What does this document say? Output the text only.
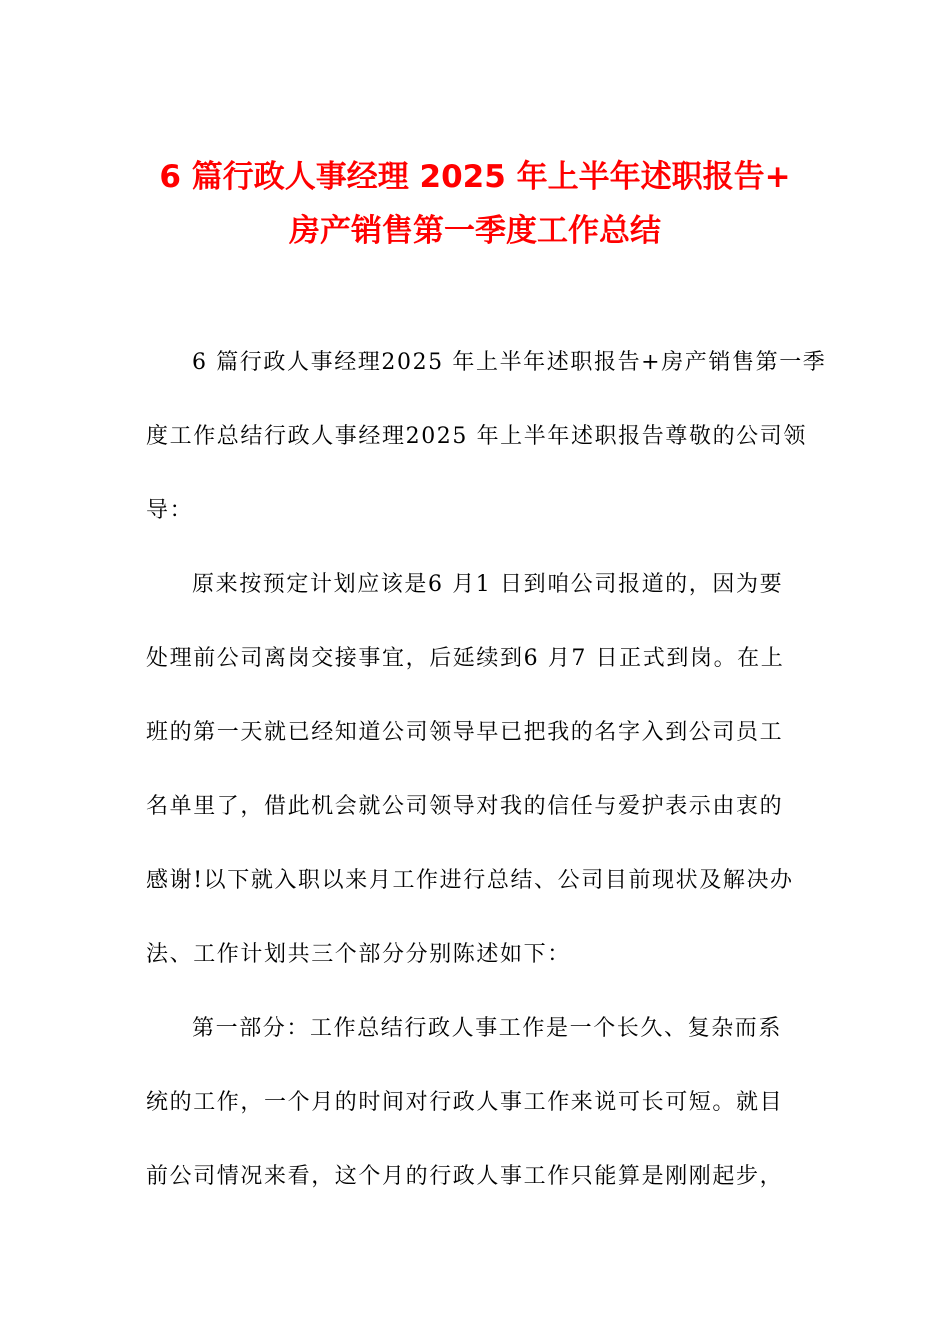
6 篇行政人事经理 2025 年上半年述职报告+
房产销售第一季度工作总结
6 篇行政人事经理2025 年上半年述职报告+房产销售第一季
度工作总结行政人事经理2025 年上半年述职报告尊敬的公司领
导：
原来按预定计划应该是6 月1 日到咱公司报道的，因为要
处理前公司离岗交接事宜，后延续到6 月7 日正式到岗。在上
班的第一天就已经知道公司领导早已把我的名字入到公司员工
名单里了，借此机会就公司领导对我的信任与爱护表示由衷的
感谢!以下就入职以来月工作进行总结、公司目前现状及解决办
法、工作计划共三个部分分别陈述如下：
第一部分：工作总结行政人事工作是一个长久、复杂而系
统的工作，一个月的时间对行政人事工作来说可长可短。就目
前公司情况来看，这个月的行政人事工作只能算是刚刚起步，
